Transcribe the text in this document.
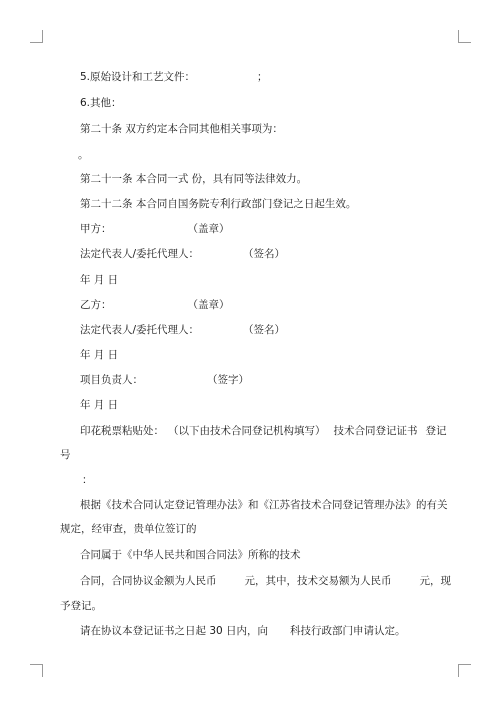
5.原始设计和工艺文件：	；
6.其他：
第二十条 双方约定本合同其他相关事项为：
。
第二十一条 本合同一式 份，具有同等法律效力。
第二十二条 本合同自国务院专利行政部门登记之日起生效。
甲方：	（盖章）
法定代表人/委托代理人：	（签名）
年 月 日
乙方：	（盖章）
法定代表人/委托代理人：	（签名）
年 月 日
项目负责人：	（签字）
年 月 日
印花税票粘贴处： （以下由技术合同登记机构填写） 技术合同登记证书 登记
号
：
根据《技术合同认定登记管理办法》和《江苏省技术合同登记管理办法》的有关
规定，经审查，贵单位签订的
合同属于《中华人民共和国合同法》所称的技术
合同，合同协议金额为人民币	元，其中，技术交易额为人民币	元，现
予登记。
请在协议本登记证书之日起 30 日内，向 科技行政部门申请认定。
